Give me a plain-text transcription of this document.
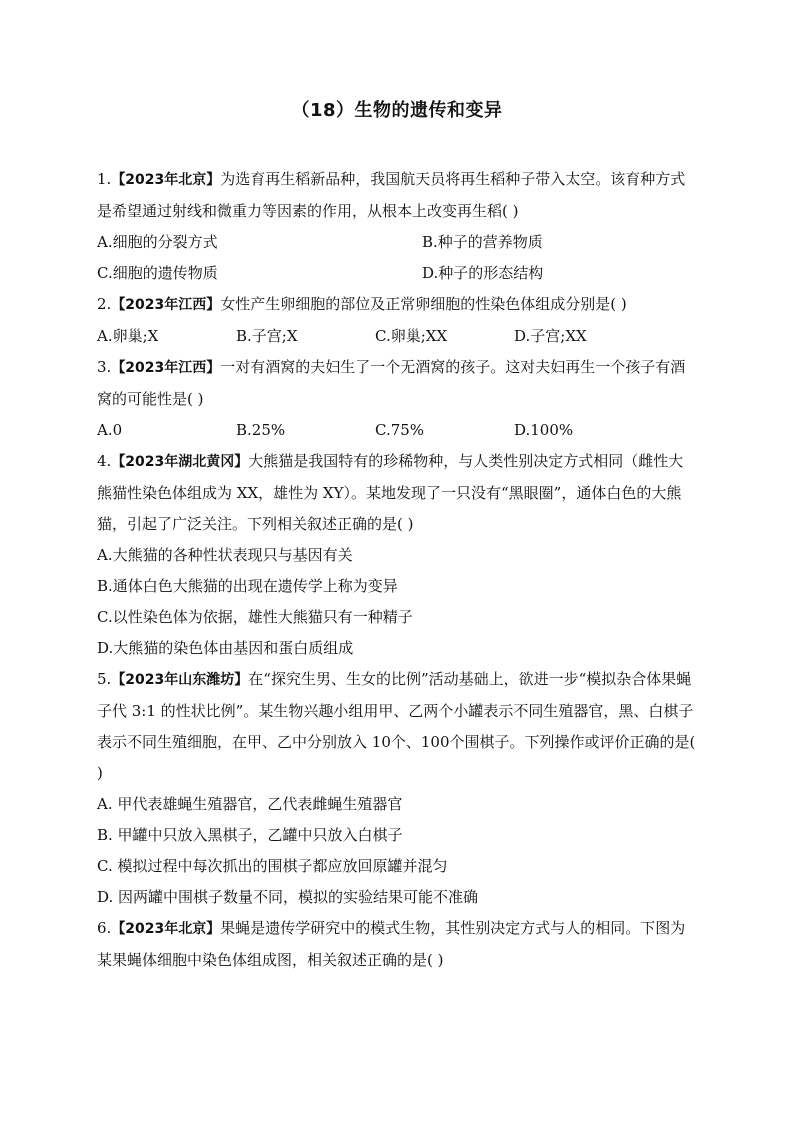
（18）生物的遗传和变异

1.【2023年北京】为选育再生稻新品种，我国航天员将再生稻种子带入太空。该育种方式是希望通过射线和微重力等因素的作用，从根本上改变再生稻( )

A.细胞的分裂方式	B.种子的营养物质
C.细胞的遗传物质	D.种子的形态结构

2.【2023年江西】女性产生卵细胞的部位及正常卵细胞的性染色体组成分别是( )

A.卵巢;X	B.子宫;X	C.卵巢;XX	D.子宫;XX

3.【2023年江西】一对有酒窝的夫妇生了一个无酒窝的孩子。这对夫妇再生一个孩子有酒窝的可能性是( )

A.0	B.25%	C.75%	D.100%

4.【2023年湖北黄冈】大熊猫是我国特有的珍稀物种，与人类性别决定方式相同（雌性大熊猫性染色体组成为 XX，雄性为 XY）。某地发现了一只没有“黑眼圈”，通体白色的大熊猫，引起了广泛关注。下列相关叙述正确的是( )

A.大熊猫的各种性状表现只与基因有关
B.通体白色大熊猫的出现在遗传学上称为变异
C.以性染色体为依据，雄性大熊猫只有一种精子
D.大熊猫的染色体由基因和蛋白质组成

5.【2023年山东潍坊】在“探究生男、生女的比例”活动基础上，欲进一步“模拟杂合体果蝇子代 3:1 的性状比例”。某生物兴趣小组用甲、乙两个小罐表示不同生殖器官，黑、白棋子表示不同生殖细胞，在甲、乙中分别放入 10个、100个围棋子。下列操作或评价正确的是( )

A. 甲代表雄蝇生殖器官，乙代表雌蝇生殖器官
B. 甲罐中只放入黑棋子，乙罐中只放入白棋子
C. 模拟过程中每次抓出的围棋子都应放回原罐并混匀
D. 因两罐中围棋子数量不同，模拟的实验结果可能不准确

6.【2023年北京】果蝇是遗传学研究中的模式生物，其性别决定方式与人的相同。下图为某果蝇体细胞中染色体组成图，相关叙述正确的是( )
